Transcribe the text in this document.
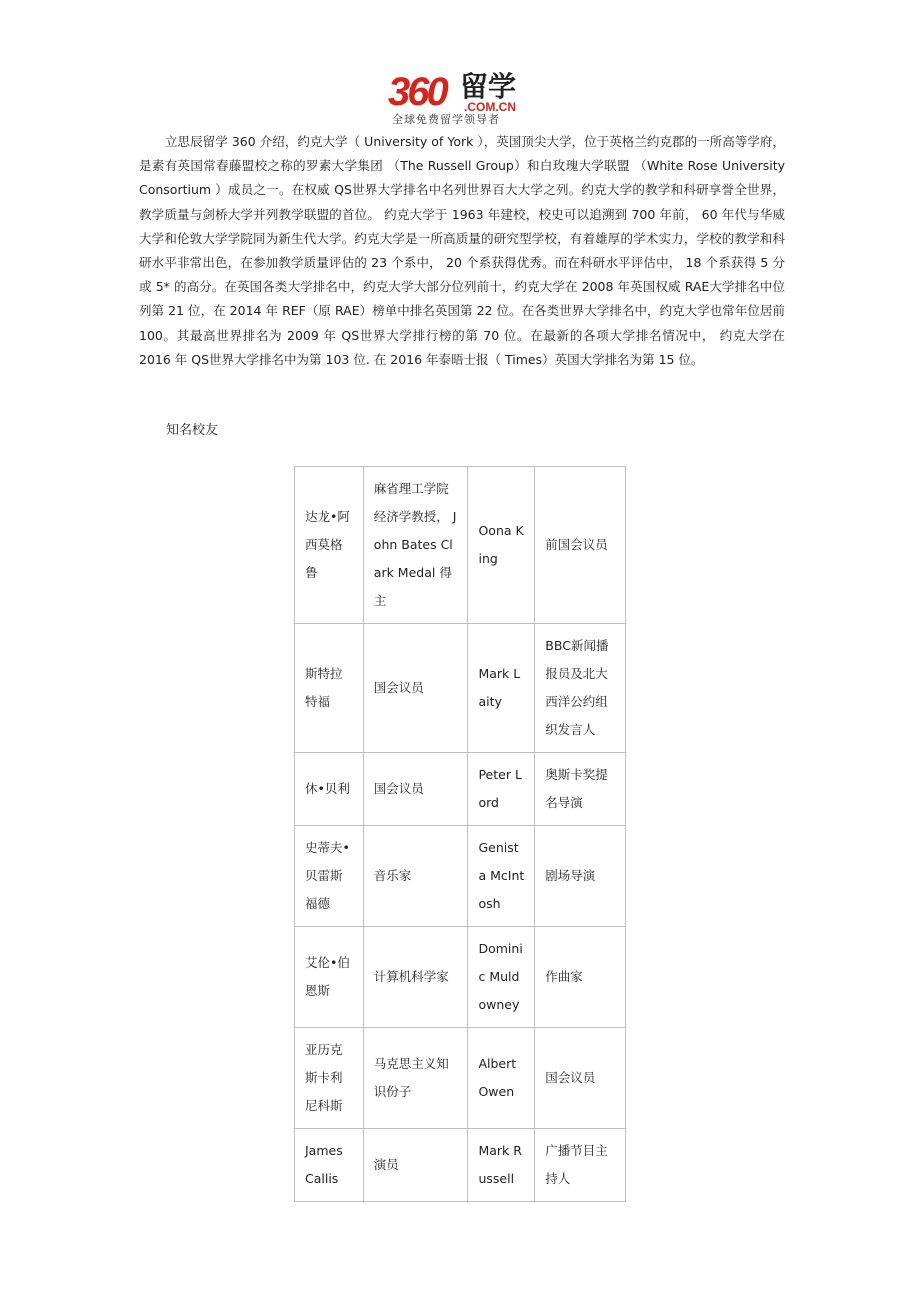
360 留学
.COM.CN
全球免费留学领导者

立思辰留学 360 介绍，约克大学（ University of York ），英国顶尖大学，位于英格兰约克郡的一所高等学府，是素有英国常春藤盟校之称的罗素大学集团 （The Russell Group）和白玫瑰大学联盟 （White Rose University Consortium ）成员之一。在权威 QS世界大学排名中名列世界百大大学之列。约克大学的教学和科研享誉全世界， 教学质量与剑桥大学并列教学联盟的首位。 约克大学于 1963 年建校，校史可以追溯到 700 年前， 60 年代与华威大学和伦敦大学学院同为新生代大学。约克大学是一所高质量的研究型学校，有着雄厚的学术实力，学校的教学和科研水平非常出色，在参加教学质量评估的 23 个系中， 20 个系获得优秀。而在科研水平评估中， 18 个系获得 5 分或 5* 的高分。在英国各类大学排名中，约克大学大部分位列前十，约克大学在 2008 年英国权威 RAE大学排名中位列第 21 位，在 2014 年 REF（原 RAE）榜单中排名英国第 22 位。在各类世界大学排名中，约克大学也常年位居前 100。其最高世界排名为 2009 年 QS世界大学排行榜的第 70 位。在最新的各项大学排名情况中， 约克大学在 2016 年 QS世界大学排名中为第 103 位. 在 2016 年泰晤士报（ Times）英国大学排名为第 15 位。

知名校友

达龙•阿西莫格鲁	麻省理工学院经济学教授， John Bates Clark Medal 得主	Oona King	前国会议员
斯特拉特福	国会议员	Mark Laity	BBC新闻播报员及北大西洋公约组织发言人
休•贝利	国会议员	Peter Lord	奥斯卡奖提名导演
史蒂夫•贝雷斯福德	音乐家	Genista McIntosh	剧场导演
艾伦•伯恩斯	计算机科学家	Dominic Muldowney	作曲家
亚历克斯卡利尼科斯	马克思主义知识份子	Albert Owen	国会议员
James Callis	演员	Mark Russell	广播节目主持人
